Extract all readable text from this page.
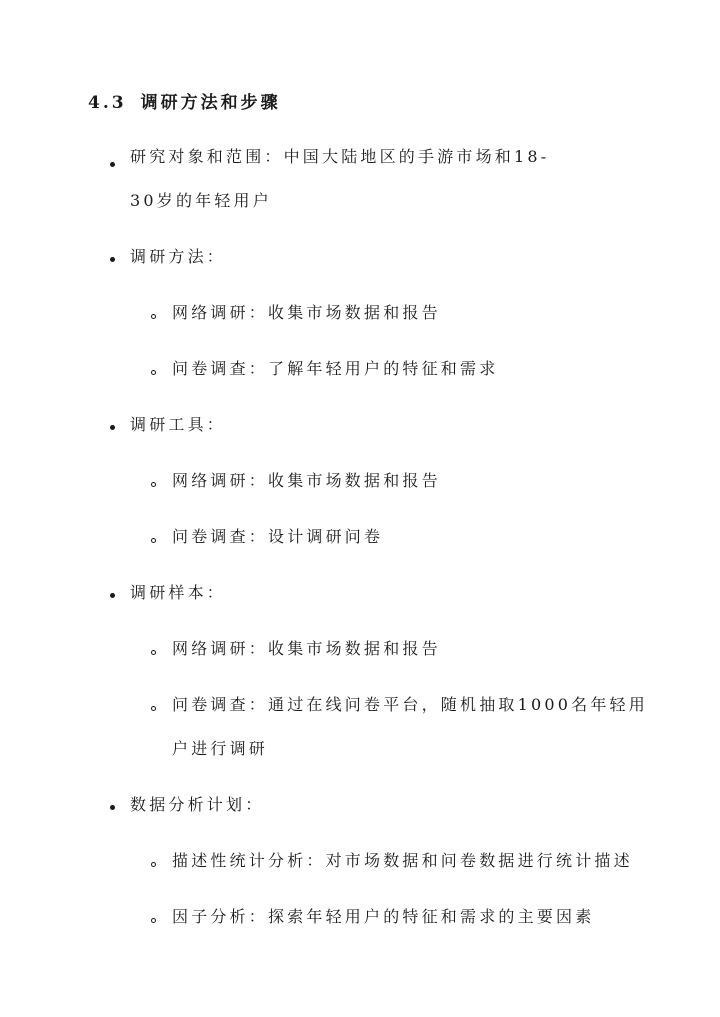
4.3 调研方法和步骤
研究对象和范围：中国大陆地区的手游市场和18-
30岁的年轻用户
调研方法：
网络调研：收集市场数据和报告
问卷调查：了解年轻用户的特征和需求
调研工具：
网络调研：收集市场数据和报告
问卷调查：设计调研问卷
调研样本：
网络调研：收集市场数据和报告
问卷调查：通过在线问卷平台，随机抽取1000名年轻用
户进行调研
数据分析计划：
描述性统计分析：对市场数据和问卷数据进行统计描述
因子分析：探索年轻用户的特征和需求的主要因素
